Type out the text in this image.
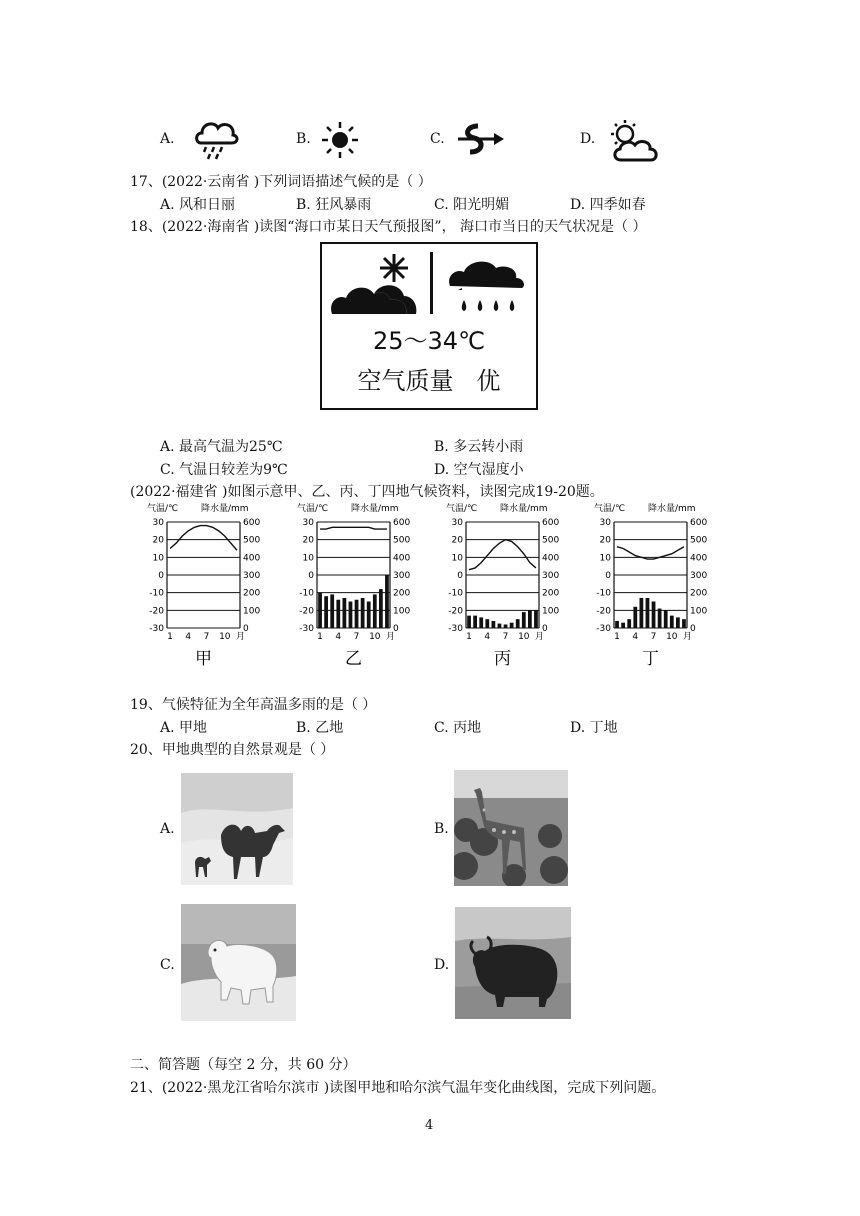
A.	B.	C.	D.
17、(2022·云南省 )下列词语描述气候的是（ ）
A. 风和日丽	B. 狂风暴雨	C. 阳光明媚	D. 四季如春
18、(2022·海南省 )读图“海口市某日天气预报图”， 海口市当日的天气状况是（ ）
25～34℃
空气质量   优
A. 最高气温为25℃	B. 多云转小雨
C. 气温日较差为9℃	D. 空气湿度小
(2022·福建省 )如图示意甲、乙、丙、丁四地气候资料，读图完成19-20题。
气温/℃	降水量/mm
30	600
20	500
10	400
0	300
-10	200
-20	100
-30	0
1 4 7 10 月
甲
气温/℃	降水量/mm
30	600
20	500
10	400
0	300
-10	200
-20	100
-30	0
1 4 7 10 月
乙
气温/℃	降水量/mm
30	600
20	500
10	400
0	300
-10	200
-20	100
-30	0
1 4 7 10 月
丙
气温/℃	降水量/mm
30	600
20	500
10	400
0	300
-10	200
-20	100
-30	0
1 4 7 10 月
丁
19、气候特征为全年高温多雨的是（ ）
A. 甲地	B. 乙地	C. 丙地	D. 丁地
20、甲地典型的自然景观是（ ）
A.	B.
C.	D.
二、简答题（每空 2 分，共 60 分）
21、(2022·黑龙江省哈尔滨市 )读图甲地和哈尔滨气温年变化曲线图，完成下列问题。
4
